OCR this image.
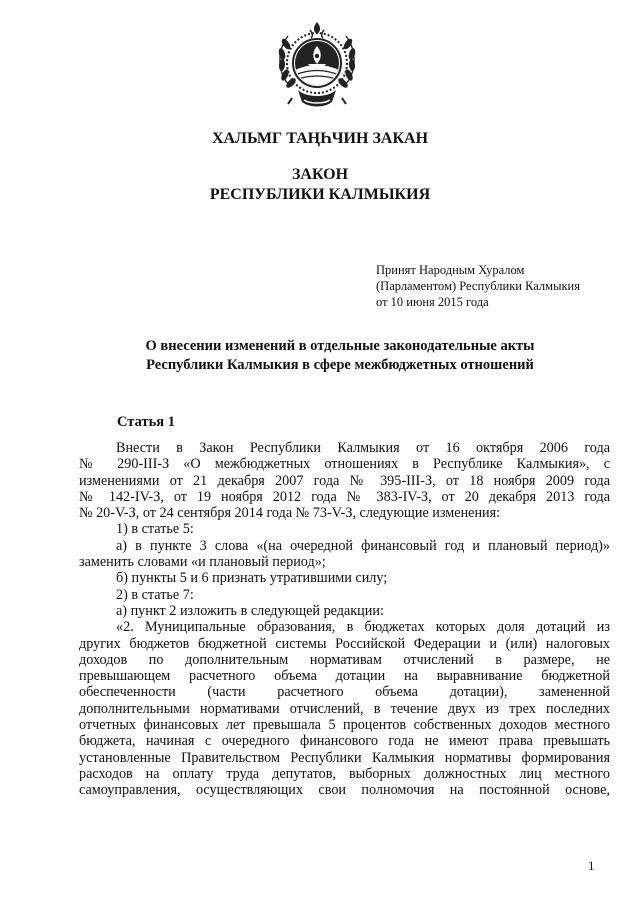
ХАЛЬМГ ТАҢҺЧИН ЗАКАН
ЗАКОН
РЕСПУБЛИКИ КАЛМЫКИЯ
Принят Народным Хуралом
(Парламентом) Республики Калмыкия
от 10 июня 2015 года
О внесении изменений в отдельные законодательные акты
Республики Калмыкия в сфере межбюджетных отношений
Статья 1
Внести в Закон Республики Калмыкия от 16 октября 2006 года
№ 290-III-З «О межбюджетных отношениях в Республике Калмыкия», с
изменениями от 21 декабря 2007 года № 395-III-З, от 18 ноября 2009 года
№ 142-IV-З, от 19 ноября 2012 года № 383-IV-З, от 20 декабря 2013 года
№ 20-V-З, от 24 сентября 2014 года № 73-V-З, следующие изменения:
1) в статье 5:
а) в пункте 3 слова «(на очередной финансовый год и плановый период)»
заменить словами «и плановый период»;
б) пункты 5 и 6 признать утратившими силу;
2) в статье 7:
а) пункт 2 изложить в следующей редакции:
«2. Муниципальные образования, в бюджетах которых доля дотаций из
других бюджетов бюджетной системы Российской Федерации и (или) налоговых
доходов по дополнительным нормативам отчислений в размере, не
превышающем расчетного объема дотации на выравнивание бюджетной
обеспеченности (части расчетного объема дотации), замененной
дополнительными нормативами отчислений, в течение двух из трех последних
отчетных финансовых лет превышала 5 процентов собственных доходов местного
бюджета, начиная с очередного финансового года не имеют права превышать
установленные Правительством Республики Калмыкия нормативы формирования
расходов на оплату труда депутатов, выборных должностных лиц местного
самоуправления, осуществляющих свои полномочия на постоянной основе,
1
